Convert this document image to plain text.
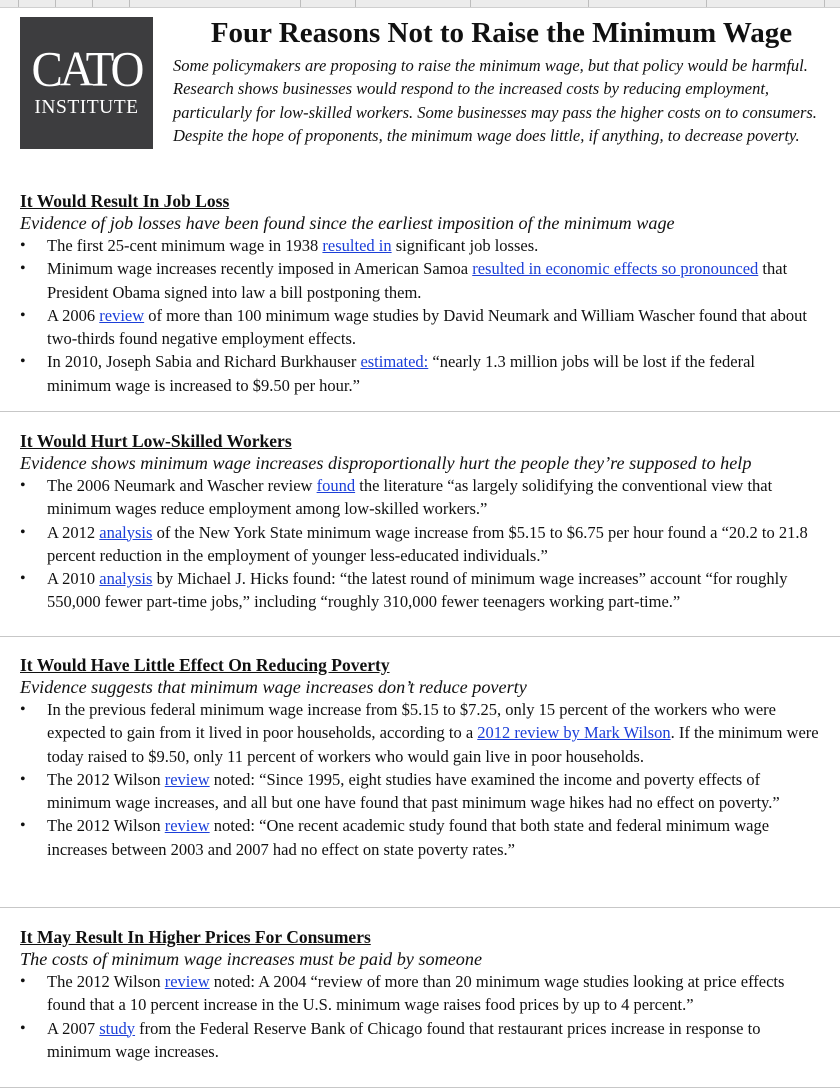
CATO
INSTITUTE
Four Reasons Not to Raise the Minimum Wage
Some policymakers are proposing to raise the minimum wage, but that policy would be harmful. Research shows businesses would respond to the increased costs by reducing employment, particularly for low-skilled workers. Some businesses may pass the higher costs on to consumers. Despite the hope of proponents, the minimum wage does little, if anything, to decrease poverty.
It Would Result In Job Loss
Evidence of job losses have been found since the earliest imposition of the minimum wage
• The first 25-cent minimum wage in 1938 resulted in significant job losses.
• Minimum wage increases recently imposed in American Samoa resulted in economic effects so pronounced that President Obama signed into law a bill postponing them.
• A 2006 review of more than 100 minimum wage studies by David Neumark and William Wascher found that about two-thirds found negative employment effects.
• In 2010, Joseph Sabia and Richard Burkhauser estimated: “nearly 1.3 million jobs will be lost if the federal minimum wage is increased to $9.50 per hour.”
It Would Hurt Low-Skilled Workers
Evidence shows minimum wage increases disproportionally hurt the people they’re supposed to help
• The 2006 Neumark and Wascher review found the literature “as largely solidifying the conventional view that minimum wages reduce employment among low-skilled workers.”
• A 2012 analysis of the New York State minimum wage increase from $5.15 to $6.75 per hour found a “20.2 to 21.8 percent reduction in the employment of younger less-educated individuals.”
• A 2010 analysis by Michael J. Hicks found: “the latest round of minimum wage increases” account “for roughly 550,000 fewer part-time jobs,” including “roughly 310,000 fewer teenagers working part-time.”
It Would Have Little Effect On Reducing Poverty
Evidence suggests that minimum wage increases don’t reduce poverty
• In the previous federal minimum wage increase from $5.15 to $7.25, only 15 percent of the workers who were expected to gain from it lived in poor households, according to a 2012 review by Mark Wilson. If the minimum were today raised to $9.50, only 11 percent of workers who would gain live in poor households.
• The 2012 Wilson review noted: “Since 1995, eight studies have examined the income and poverty effects of minimum wage increases, and all but one have found that past minimum wage hikes had no effect on poverty.”
• The 2012 Wilson review noted: “One recent academic study found that both state and federal minimum wage increases between 2003 and 2007 had no effect on state poverty rates.”
It May Result In Higher Prices For Consumers
The costs of minimum wage increases must be paid by someone
• The 2012 Wilson review noted: A 2004 “review of more than 20 minimum wage studies looking at price effects found that a 10 percent increase in the U.S. minimum wage raises food prices by up to 4 percent.”
• A 2007 study from the Federal Reserve Bank of Chicago found that restaurant prices increase in response to minimum wage increases.
